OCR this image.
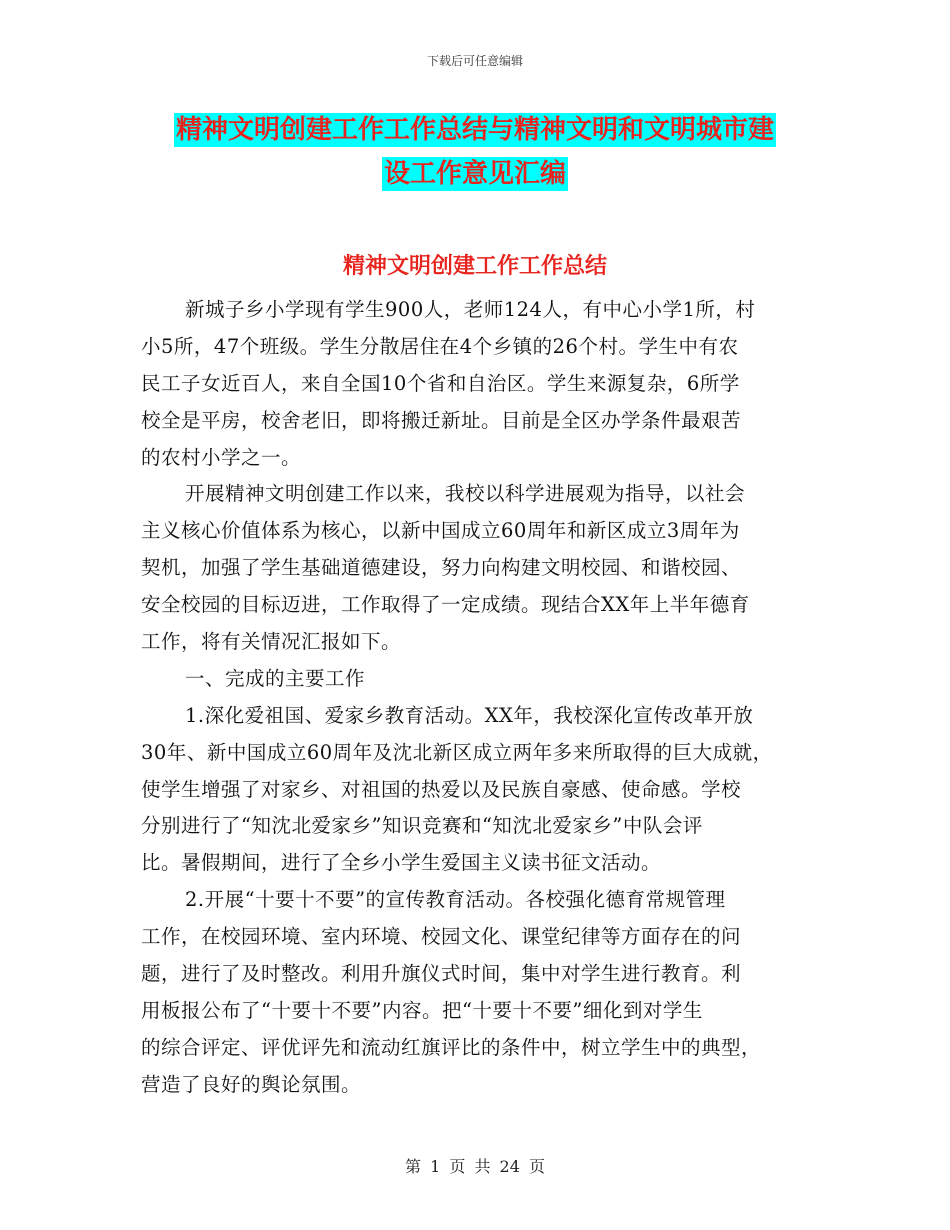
下载后可任意编辑
精神文明创建工作工作总结与精神文明和文明城市建
设工作意见汇编
精神文明创建工作工作总结
新城子乡小学现有学生900人，老师124人，有中心小学1所，村
小5所，47个班级。学生分散居住在4个乡镇的26个村。学生中有农
民工子女近百人，来自全国10个省和自治区。学生来源复杂，6所学
校全是平房，校舍老旧，即将搬迁新址。目前是全区办学条件最艰苦
的农村小学之一。
开展精神文明创建工作以来，我校以科学进展观为指导，以社会
主义核心价值体系为核心，以新中国成立60周年和新区成立3周年为
契机，加强了学生基础道德建设，努力向构建文明校园、和谐校园、
安全校园的目标迈进，工作取得了一定成绩。现结合XX年上半年德育
工作，将有关情况汇报如下。
一、完成的主要工作
1.深化爱祖国、爱家乡教育活动。XX年，我校深化宣传改革开放
30年、新中国成立60周年及沈北新区成立两年多来所取得的巨大成就，
使学生增强了对家乡、对祖国的热爱以及民族自豪感、使命感。学校
分别进行了“知沈北爱家乡”知识竞赛和“知沈北爱家乡”中队会评
比。暑假期间，进行了全乡小学生爱国主义读书征文活动。
2.开展“十要十不要”的宣传教育活动。各校强化德育常规管理
工作，在校园环境、室内环境、校园文化、课堂纪律等方面存在的问
题，进行了及时整改。利用升旗仪式时间，集中对学生进行教育。利
用板报公布了“十要十不要”内容。把“十要十不要”细化到对学生
的综合评定、评优评先和流动红旗评比的条件中，树立学生中的典型，
营造了良好的舆论氛围。
第 1 页 共 24 页
